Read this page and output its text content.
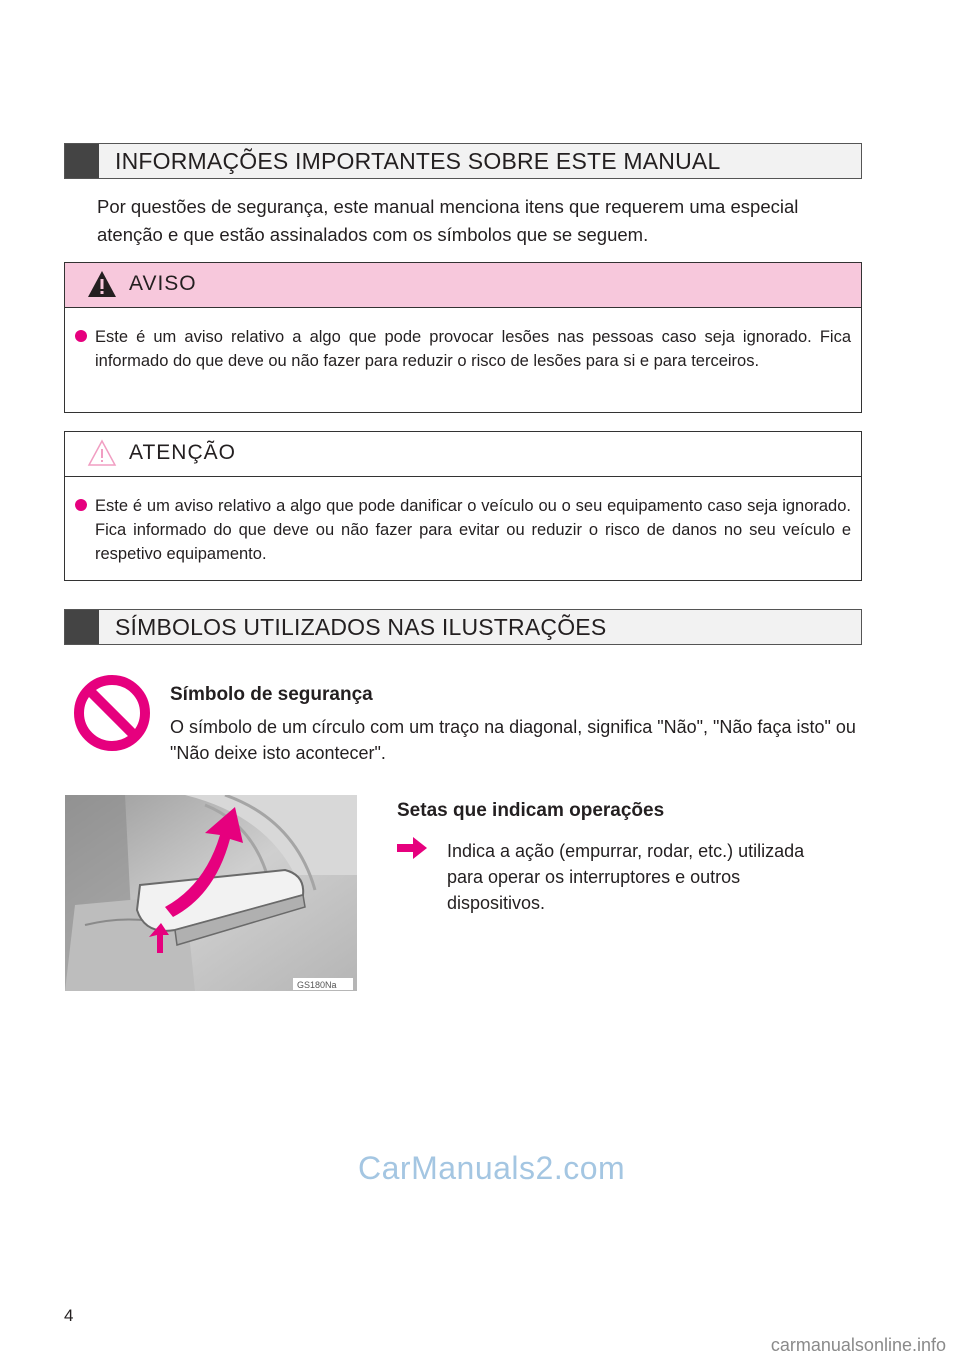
INFORMAÇÕES IMPORTANTES SOBRE ESTE MANUAL
Por questões de segurança, este manual menciona itens que requerem uma especial atenção e que estão assinalados com os símbolos que se seguem.
AVISO
Este é um aviso relativo a algo que pode provocar lesões nas pessoas caso seja ignorado. Fica informado do que deve ou não fazer para reduzir o risco de lesões para si e para terceiros.
ATENÇÃO
Este é um aviso relativo a algo que pode danificar o veículo ou o seu equipamento caso seja ignorado. Fica informado do que deve ou não fazer para evitar ou reduzir o risco de danos no seu veículo e respetivo equipamento.
SÍMBOLOS UTILIZADOS NAS ILUSTRAÇÕES
Símbolo de segurança
O símbolo de um círculo com um traço na diagonal, significa "Não", "Não faça isto" ou "Não deixe isto acontecer".
GS180Na
Setas que indicam operações
Indica a ação (empurrar, rodar, etc.) utilizada para operar os interruptores e outros dispositivos.
CarManuals2.com
4
carmanualsonline.info
